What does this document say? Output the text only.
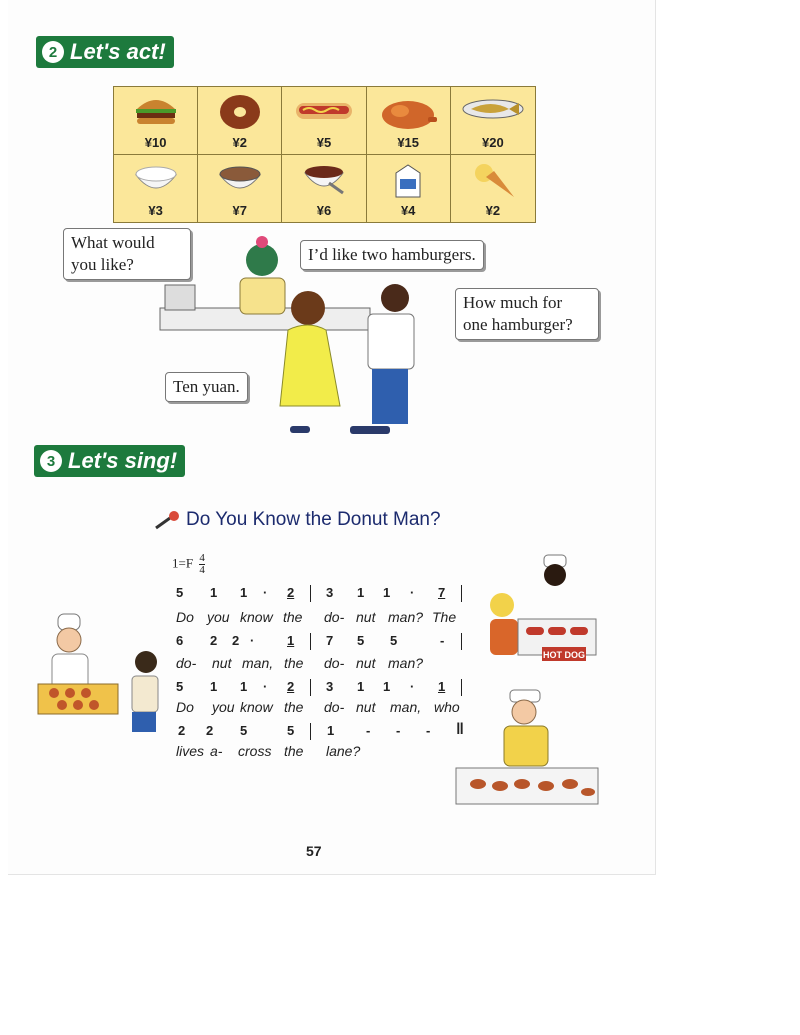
2 Let's act!
¥10	¥2	¥5	¥15	¥20
¥3	¥7	¥6	¥4	¥2
What would
you like?
I’d like two hamburgers.
How much for
one hamburger?
Ten yuan.
3 Let's sing!
Do You Know the Donut Man?
$1=F \frac{4}{4}$
5 1 1 · 2 3 1 1 · 7
Do you know the do- nut man? The
6 2 2 ·	1 7 5 5	-
do- nut man, the do- nut man?
5 1 1 · 2 3 1 1 · 1
Do you know the do- nut man, who
2 2 5	5	1 - - - ‖
lives a- cross the lane?
HOT DOG
57
